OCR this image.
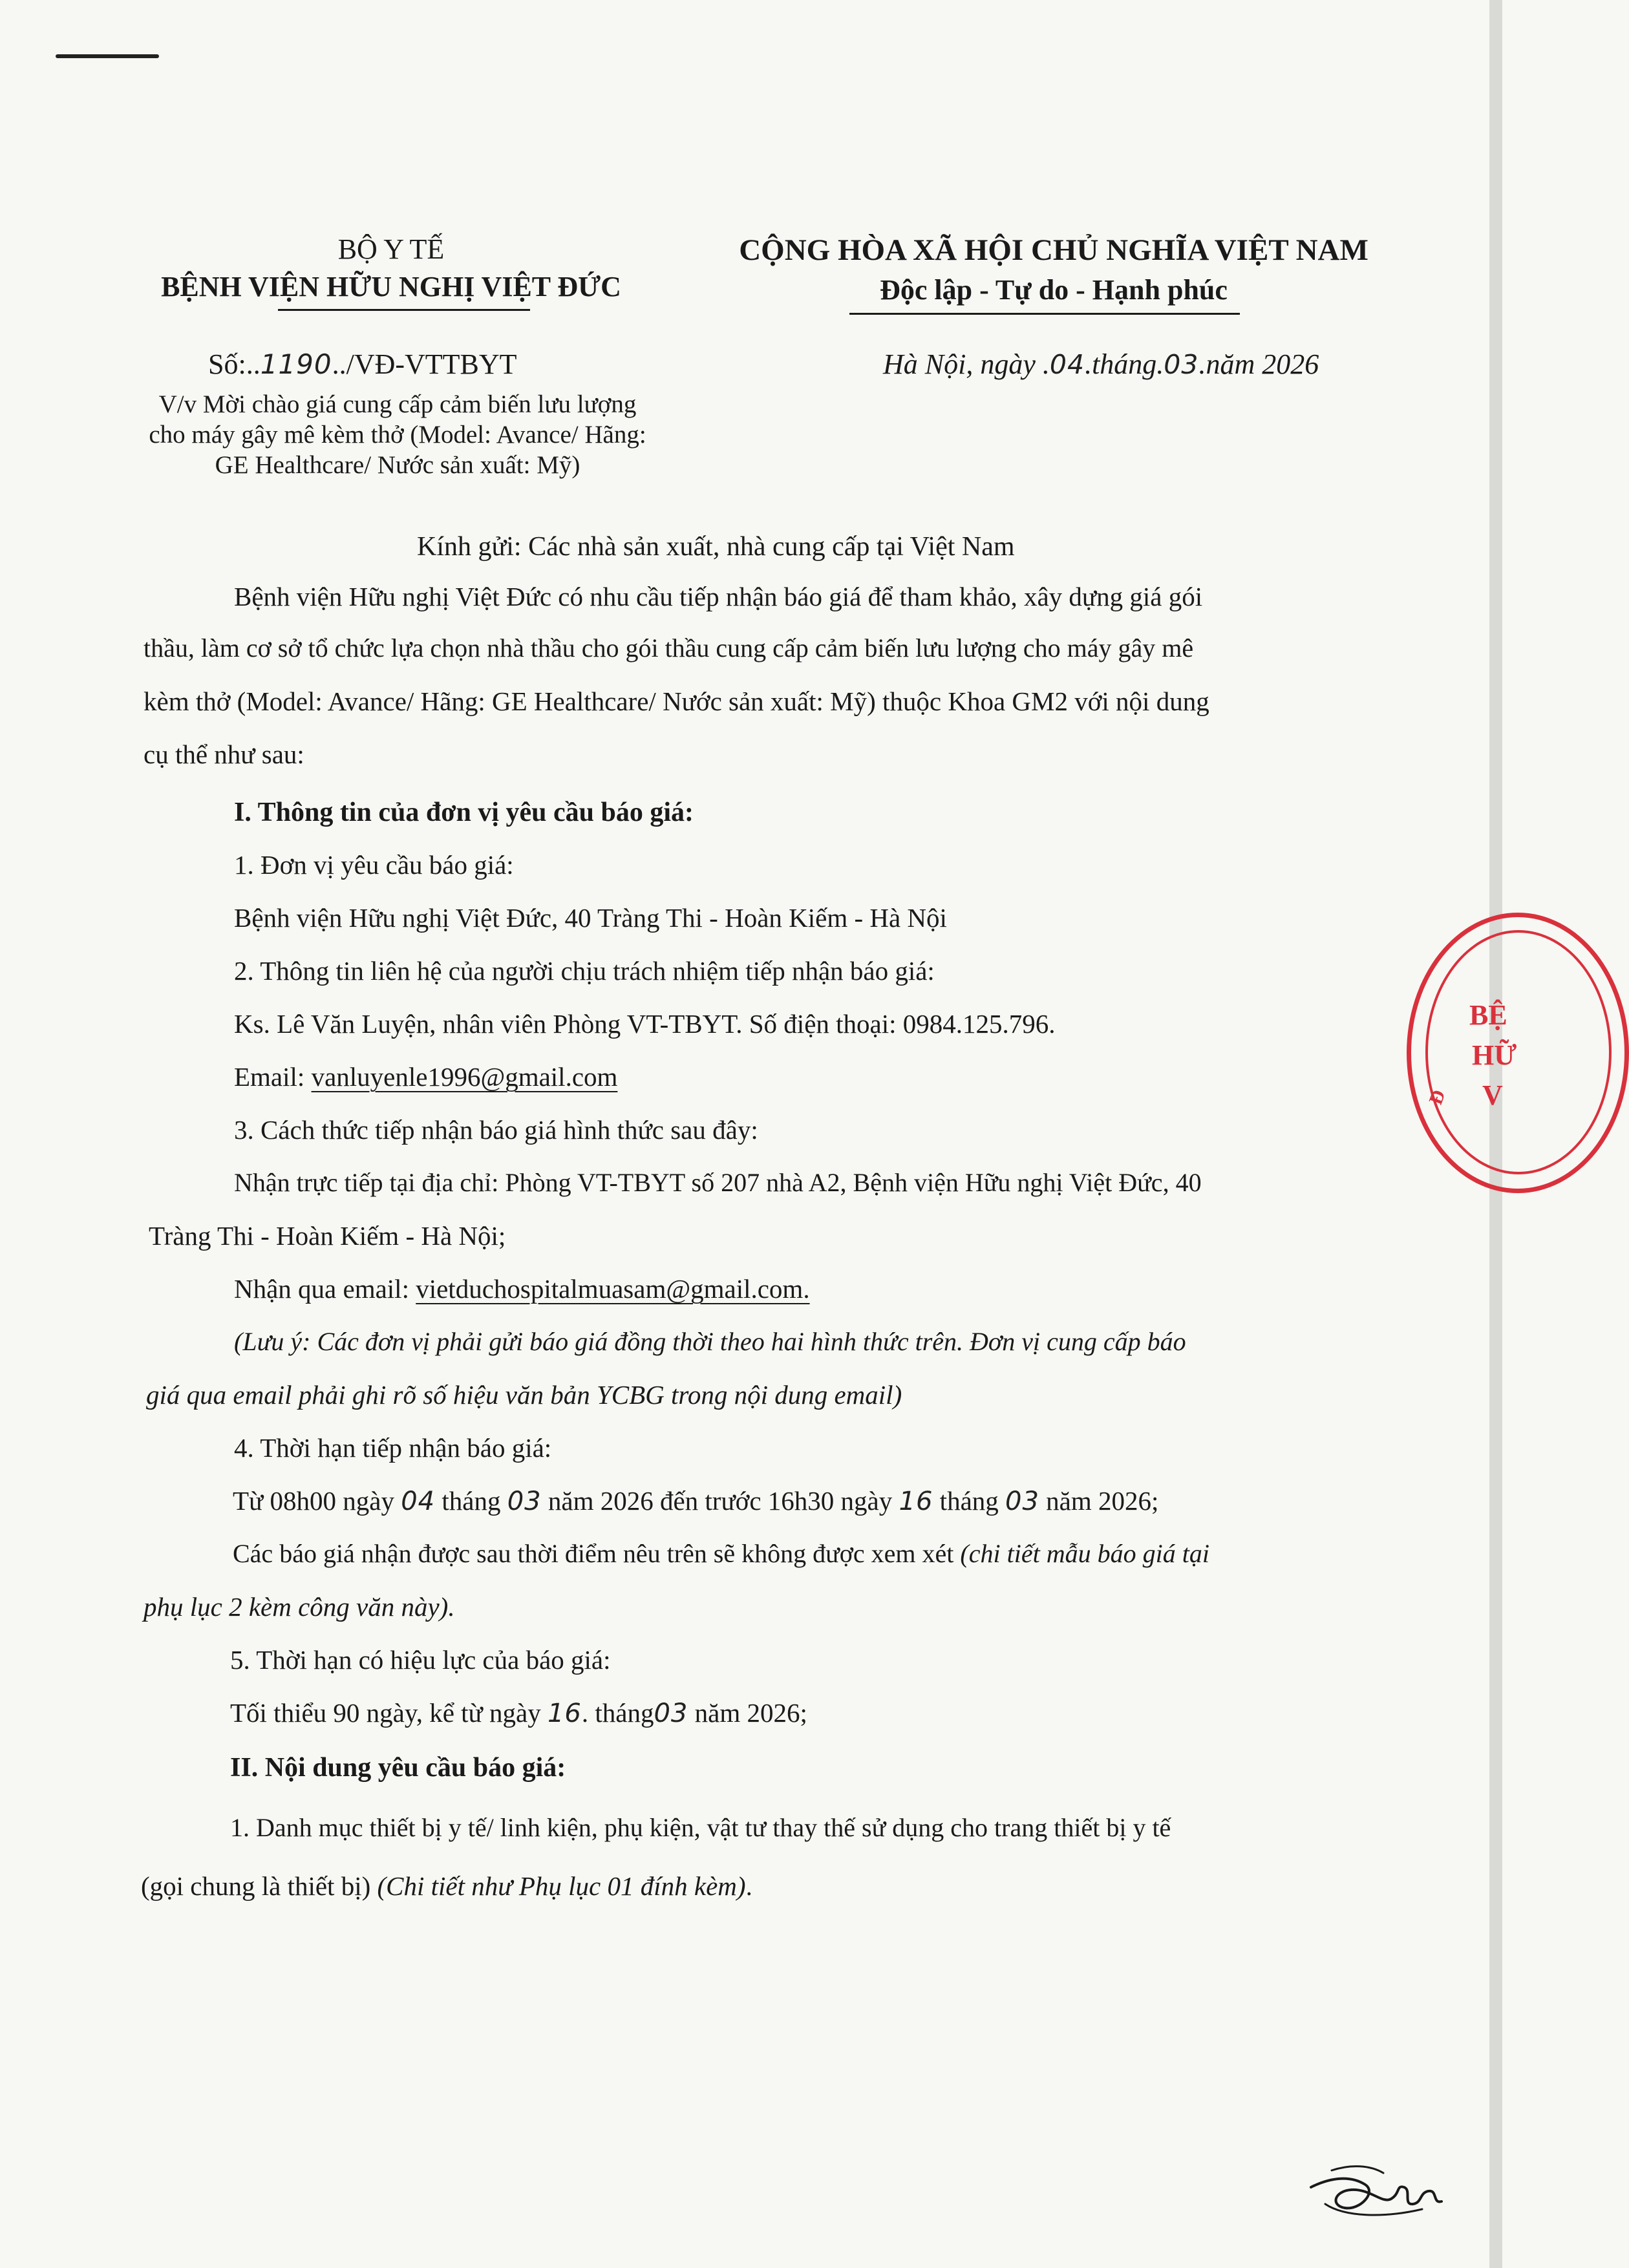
BỘ Y TẾ
BỆNH VIỆN HỮU NGHỊ VIỆT ĐỨC
CỘNG HÒA XÃ HỘI CHỦ NGHĨA VIỆT NAM
Độc lập - Tự do - Hạnh phúc
Số:..1190../VĐ-VTTBYT	Hà Nội, ngày .04.tháng.03.năm 2026
V/v Mời chào giá cung cấp cảm biến lưu lượng
cho máy gây mê kèm thở (Model: Avance/ Hãng:
GE Healthcare/ Nước sản xuất: Mỹ)
Kính gửi: Các nhà sản xuất, nhà cung cấp tại Việt Nam
Bệnh viện Hữu nghị Việt Đức có nhu cầu tiếp nhận báo giá để tham khảo, xây dựng giá gói
thầu, làm cơ sở tổ chức lựa chọn nhà thầu cho gói thầu cung cấp cảm biến lưu lượng cho máy gây mê
kèm thở (Model: Avance/ Hãng: GE Healthcare/ Nước sản xuất: Mỹ) thuộc Khoa GM2 với nội dung
cụ thể như sau:
I. Thông tin của đơn vị yêu cầu báo giá:
1. Đơn vị yêu cầu báo giá:
Bệnh viện Hữu nghị Việt Đức, 40 Tràng Thi - Hoàn Kiếm - Hà Nội
2. Thông tin liên hệ của người chịu trách nhiệm tiếp nhận báo giá:
Ks. Lê Văn Luyện, nhân viên Phòng VT-TBYT. Số điện thoại: 0984.125.796.
Email: vanluyenle1996@gmail.com
3. Cách thức tiếp nhận báo giá hình thức sau đây:
Nhận trực tiếp tại địa chỉ: Phòng VT-TBYT số 207 nhà A2, Bệnh viện Hữu nghị Việt Đức, 40
Tràng Thi - Hoàn Kiếm - Hà Nội;
Nhận qua email: vietduchospitalmuasam@gmail.com.
(Lưu ý: Các đơn vị phải gửi báo giá đồng thời theo hai hình thức trên. Đơn vị cung cấp báo
giá qua email phải ghi rõ số hiệu văn bản YCBG trong nội dung email)
4. Thời hạn tiếp nhận báo giá:
Từ 08h00 ngày 04 tháng 03 năm 2026 đến trước 16h30 ngày 16 tháng 03 năm 2026;
Các báo giá nhận được sau thời điểm nêu trên sẽ không được xem xét (chi tiết mẫu báo giá tại
phụ lục 2 kèm công văn này).
5. Thời hạn có hiệu lực của báo giá:
Tối thiểu 90 ngày, kể từ ngày 16. tháng03 năm 2026;
II. Nội dung yêu cầu báo giá:
1. Danh mục thiết bị y tế/ linh kiện, phụ kiện, vật tư thay thế sử dụng cho trang thiết bị y tế
(gọi chung là thiết bị) (Chi tiết như Phụ lục 01 đính kèm).
BỆ
HỮ
V
Đ
